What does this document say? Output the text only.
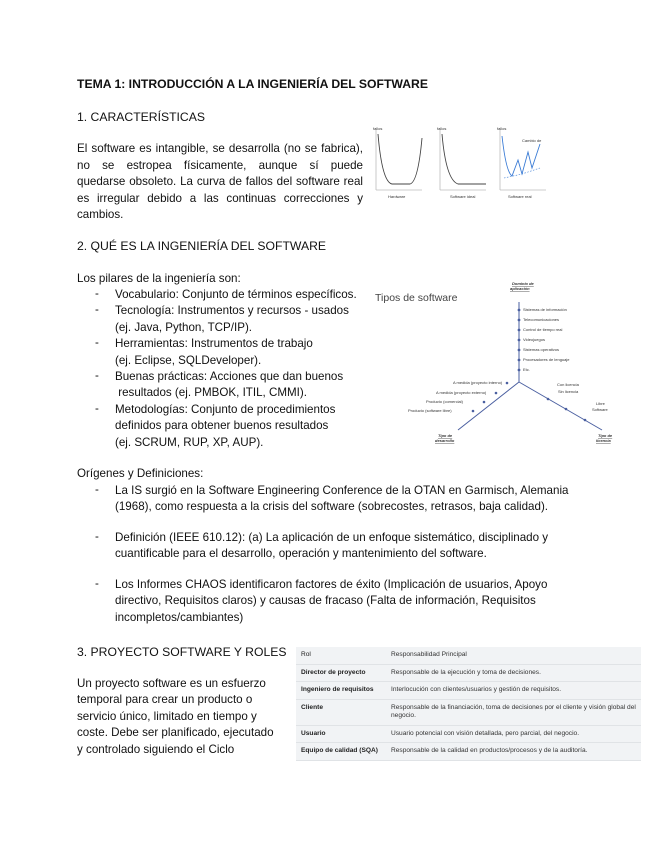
TEMA 1: INTRODUCCIÓN A LA INGENIERÍA DEL SOFTWARE
1. CARACTERÍSTICAS
El software es intangible, se desarrolla (no se fabrica),
no se estropea físicamente, aunque sí puede
quedarse obsoleto. La curva de fallos del software real
es irregular debido a las continuas correcciones y
cambios.
fallos
Hardware
fallos
Software ideal
fallos
Cambio de
Software real
2. QUÉ ES LA INGENIERÍA DEL SOFTWARE
Los pilares de la ingeniería son:
- Vocabulario: Conjunto de términos específicos.
- Tecnología: Instrumentos y recursos - usados
(ej. Java, Python, TCP/IP).
- Herramientas: Instrumentos de trabajo
(ej. Eclipse, SQLDeveloper).
- Buenas prácticas: Acciones que dan buenos
resultados (ej. PMBOK, ITIL, CMMI).
- Metodologías: Conjunto de procedimientos
definidos para obtener buenos resultados
(ej. SCRUM, RUP, XP, AUP).
Tipos de software
Dominio de
aplicación
Tipo de
desarrollo
Tipo de
licencia
Sistemas de información
Telecomunicaciones
Control de tiempo real
Videojuegos
Sistemas operativos
Procesadores de lenguaje
Etc.
A medida (proyecto interno)
A medida (proyecto externo)
Producto (comercial)
Producto (software libre)
Con licencia
Sin licencia
Libre
Software
Orígenes y Definiciones:
- La IS surgió en la Software Engineering Conference de la OTAN en Garmisch, Alemania
(1968), como respuesta a la crisis del software (sobrecostes, retrasos, baja calidad).
- Definición (IEEE 610.12): (a) La aplicación de un enfoque sistemático, disciplinado y
cuantificable para el desarrollo, operación y mantenimiento del software.
- Los Informes CHAOS identificaron factores de éxito (Implicación de usuarios, Apoyo
directivo, Requisitos claros) y causas de fracaso (Falta de información, Requisitos
incompletos/cambiantes)
3. PROYECTO SOFTWARE Y ROLES
Un proyecto software es un esfuerzo
temporal para crear un producto o
servicio único, limitado en tiempo y
coste. Debe ser planificado, ejecutado
y controlado siguiendo el Ciclo
Rol	Responsabilidad Principal
Director de proyecto	Responsable de la ejecución y toma de decisiones.
Ingeniero de requisitos	Interlocución con clientes/usuarios y gestión de requisitos.
Cliente	Responsable de la financiación, toma de decisiones por el cliente y visión global del negocio.
Usuario	Usuario potencial con visión detallada, pero parcial, del negocio.
Equipo de calidad (SQA)	Responsable de la calidad en productos/procesos y de la auditoría.
